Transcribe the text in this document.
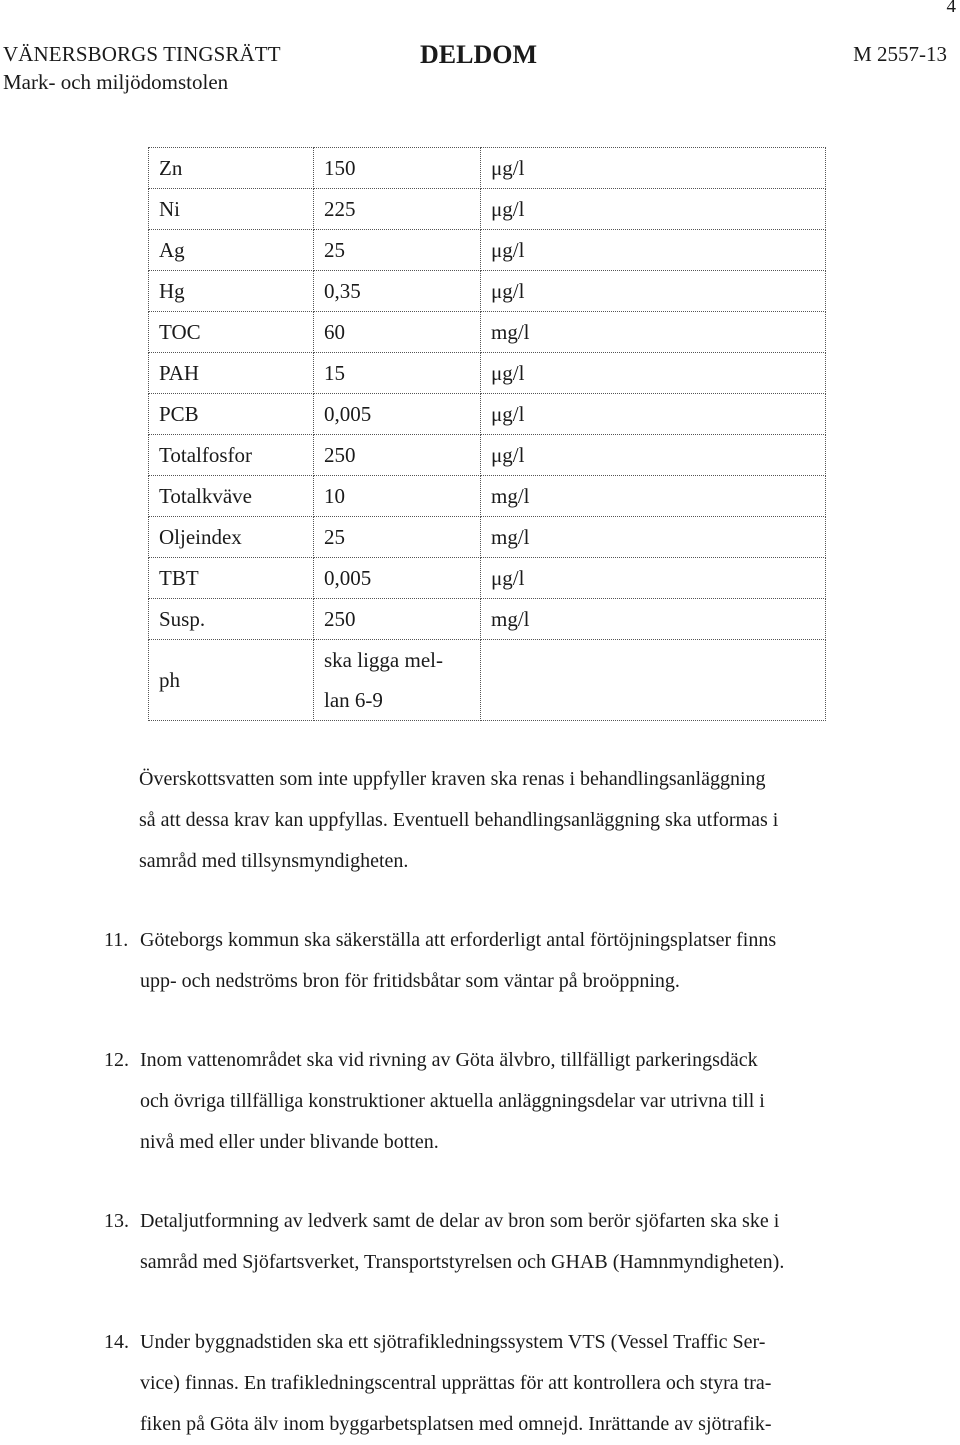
4
VÄNERSBORGS TINGSRÄTT
Mark- och miljödomstolen
DELDOM	M 2557-13
Zn	150	μg/l
Ni	225	μg/l
Ag	25	μg/l
Hg	0,35	μg/l
TOC	60	mg/l
PAH	15	μg/l
PCB	0,005	μg/l
Totalfosfor	250	μg/l
Totalkväve	10	mg/l
Oljeindex	25	mg/l
TBT	0,005	μg/l
Susp.	250	mg/l
ph	ska ligga mel-
lan 6-9	

Överskottsvatten som inte uppfyller kraven ska renas i behandlingsanläggning
så att dessa krav kan uppfyllas. Eventuell behandlingsanläggning ska utformas i
samråd med tillsynsmyndigheten.
11. Göteborgs kommun ska säkerställa att erforderligt antal förtöjningsplatser finns
upp- och nedströms bron för fritidsbåtar som väntar på broöppning.
12. Inom vattenområdet ska vid rivning av Göta älvbro, tillfälligt parkeringsdäck
och övriga tillfälliga konstruktioner aktuella anläggningsdelar var utrivna till i
nivå med eller under blivande botten.
13. Detaljutformning av ledverk samt de delar av bron som berör sjöfarten ska ske i
samråd med Sjöfartsverket, Transportstyrelsen och GHAB (Hamnmyndigheten).
14. Under byggnadstiden ska ett sjötrafikledningssystem VTS (Vessel Traffic Ser-
vice) finnas. En trafikledningscentral upprättas för att kontrollera och styra tra-
fiken på Göta älv inom byggarbetsplatsen med omnejd. Inrättande av sjötrafik-
